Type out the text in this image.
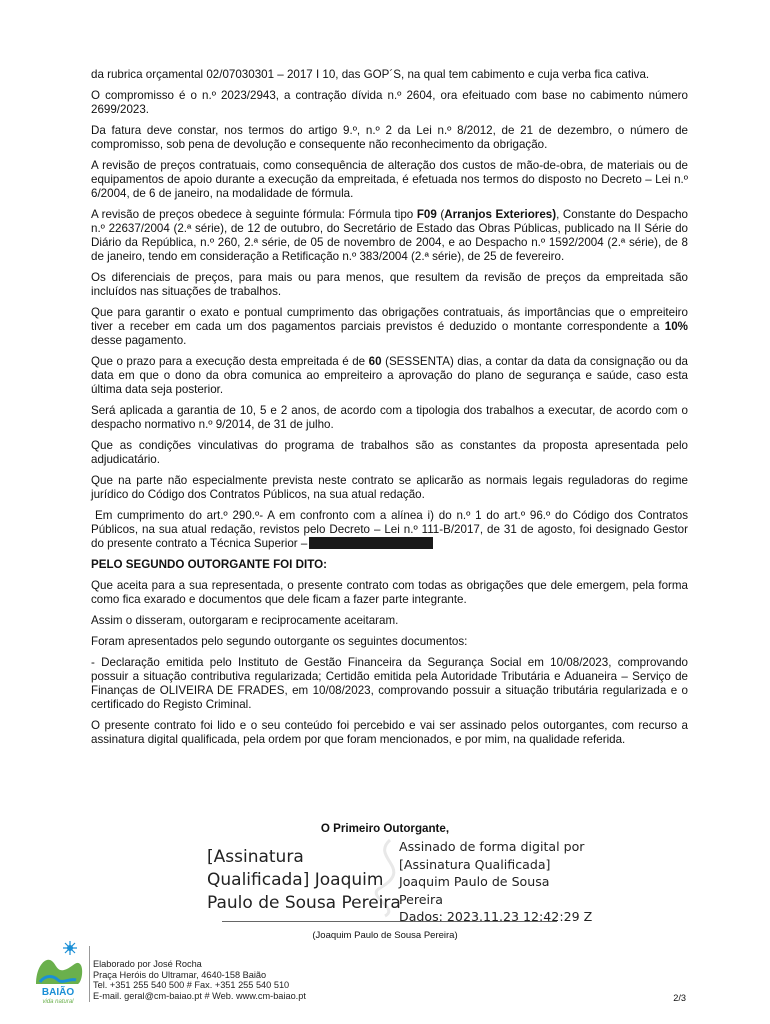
da rubrica orçamental 02/07030301 – 2017 I 10, das GOP´S, na qual tem cabimento e cuja verba fica cativa.

O compromisso é o n.º 2023/2943, a contração dívida n.º 2604, ora efeituado com base no cabimento número 2699/2023.

Da fatura deve constar, nos termos do artigo 9.º, n.º 2 da Lei n.º 8/2012, de 21 de dezembro, o número de compromisso, sob pena de devolução e consequente não reconhecimento da obrigação.

A revisão de preços contratuais, como consequência de alteração dos custos de mão-de-obra, de materiais ou de equipamentos de apoio durante a execução da empreitada, é efetuada nos termos do disposto no Decreto – Lei n.º 6/2004, de 6 de janeiro, na modalidade de fórmula.

A revisão de preços obedece à seguinte fórmula: Fórmula tipo F09 (Arranjos Exteriores), Constante do Despacho n.º 22637/2004 (2.ª série), de 12 de outubro, do Secretário de Estado das Obras Públicas, publicado na II Série do Diário da República, n.º 260, 2.ª série, de 05 de novembro de 2004, e ao Despacho n.º 1592/2004 (2.ª série), de 8 de janeiro, tendo em consideração a Retificação n.º 383/2004 (2.ª série), de 25 de fevereiro.

Os diferenciais de preços, para mais ou para menos, que resultem da revisão de preços da empreitada são incluídos nas situações de trabalhos.

Que para garantir o exato e pontual cumprimento das obrigações contratuais, ás importâncias que o empreiteiro tiver a receber em cada um dos pagamentos parciais previstos é deduzido o montante correspondente a 10% desse pagamento.

Que o prazo para a execução desta empreitada é de 60 (SESSENTA) dias, a contar da data da consignação ou da data em que o dono da obra comunica ao empreiteiro a aprovação do plano de segurança e saúde, caso esta última data seja posterior.

Será aplicada a garantia de 10, 5 e 2 anos, de acordo com a tipologia dos trabalhos a executar, de acordo com o despacho normativo n.º 9/2014, de 31 de julho.

Que as condições vinculativas do programa de trabalhos são as constantes da proposta apresentada pelo adjudicatário.

Que na parte não especialmente prevista neste contrato se aplicarão as normais legais reguladoras do regime jurídico do Código dos Contratos Públicos, na sua atual redação.

Em cumprimento do art.º 290.º- A em confronto com a alínea i) do n.º 1 do art.º 96.º do Código dos Contratos Públicos, na sua atual redação, revistos pelo Decreto – Lei n.º 111-B/2017, de 31 de agosto, foi designado Gestor do presente contrato a Técnica Superior –

PELO SEGUNDO OUTORGANTE FOI DITO:

Que aceita para a sua representada, o presente contrato com todas as obrigações que dele emergem, pela forma como fica exarado e documentos que dele ficam a fazer parte integrante.

Assim o disseram, outorgaram e reciprocamente aceitaram.

Foram apresentados pelo segundo outorgante os seguintes documentos:

- Declaração emitida pelo Instituto de Gestão Financeira da Segurança Social em 10/08/2023, comprovando possuir a situação contributiva regularizada; Certidão emitida pela Autoridade Tributária e Aduaneira – Serviço de Finanças de OLIVEIRA DE FRADES, em 10/08/2023, comprovando possuir a situação tributária regularizada e o certificado do Registo Criminal.

O presente contrato foi lido e o seu conteúdo foi percebido e vai ser assinado pelos outorgantes, com recurso a assinatura digital qualificada, pela ordem por que foram mencionados, e por mim, na qualidade referida.

O Primeiro Outorgante,
[Assinatura
Qualificada] Joaquim
Paulo de Sousa Pereira
Assinado de forma digital por
[Assinatura Qualificada]
Joaquim Paulo de Sousa
Pereira
Dados: 2023.11.23 12:42:29 Z
(Joaquim Paulo de Sousa Pereira)
BAIÃO
vida natural
Elaborado por José Rocha
Praça Heróis do Ultramar, 4640-158 Baião
Tel. +351 255 540 500 # Fax. +351 255 540 510
E-mail. geral@cm-baiao.pt # Web. www.cm-baiao.pt	2/3
